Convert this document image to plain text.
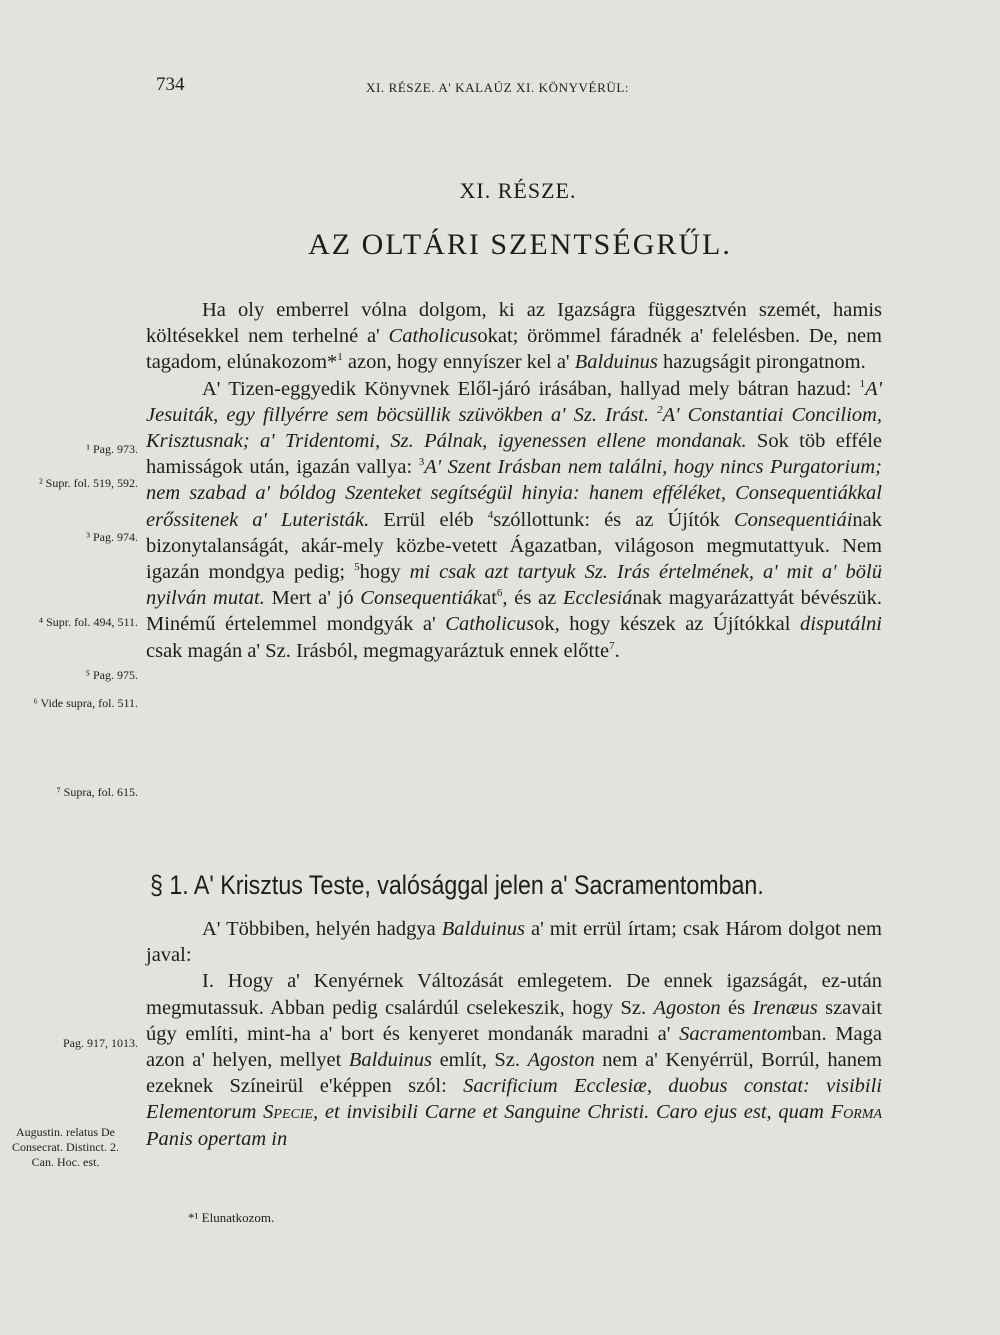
734	XI. RÉSZE. A' KALAÚZ XI. KÖNYVÉRÜL:
XI. RÉSZE.
AZ OLTÁRI SZENTSÉGRŰL.

Ha oly emberrel vólna dolgom, ki az Igazságra függesztvén szemét, hamis költésekkel nem terhelné a' Catholicusokat; örömmel fáradnék a' felelésben. De, nem tagadom, elúnakozom*$^1$ azon, hogy ennyíszer kel a' Balduinus hazugságit pirongatnom.

A' Tizen-eggyedik Könyvnek Elől-járó irásában, hallyad mely bátran hazud: $^1$A' Jesuiták, egy fillyérre sem böcsüllik szüvökben a' Sz. Irást. $^2$A' Constantiai Conciliom, Krisztusnak; a' Tridentomi, Sz. Pálnak, igyenessen ellene mondanak. Sok töb efféle hamisságok után, igazán vallya: $^3$A' Szent Irásban nem találni, hogy nincs Purgatorium; nem szabad a' bóldog Szenteket segítségül hinyia: hanem efféléket, Consequentiákkal erőssitenek a' Luteristák. Errül eléb $^4$szóllottunk: és az Újítók Consequentiáinak bizonytalanságát, akár-mely közbe-vetett Ágazatban, világoson megmutattyuk. Nem igazán mondgya pedig; $^5$hogy mi csak azt tartyuk Sz. Irás értelmének, a' mit a' bölü nyilván mutat. Mert a' jó Consequentiákat$^6$, és az Ecclesiának magyarázattyát bévészük. Minémű értelemmel mondgyák a' Catholicusok, hogy készek az Újítókkal disputálni csak magán a' Sz. Irásból, megmagyaráztuk ennek előtte$^7$.

§ 1. A' Krisztus Teste, valósággal jelen a' Sacramentomban.

A' Többiben, helyén hadgya Balduinus a' mit errül írtam; csak Három dolgot nem javal:

I. Hogy a' Kenyérnek Változását emlegetem. De ennek igazságát, ez-után megmutassuk. Abban pedig csalárdúl cselekeszik, hogy Sz. Agoston és Irenæus szavait úgy említi, mint-ha a' bort és kenyeret mondanák maradni a' Sacramentomban. Maga azon a' helyen, mellyet Balduinus említ, Sz. Agoston nem a' Kenyérrül, Borrúl, hanem ezeknek Színeirül e'képpen szól: Sacrificium Ecclesiæ, duobus constat: visibili Elementorum Specie, et invisibili Carne et Sanguine Christi. Caro ejus est, quam Forma Panis opertam in

¹ Pag. 973.
² Supr. fol. 519, 592.
³ Pag. 974.
⁴ Supr. fol. 494, 511.
⁵ Pag. 975.
⁶ Vide supra, fol. 511.
⁷ Supra, fol. 615.
Pag. 917, 1013.
Augustin. relatus De Consecrat. Distinct. 2. Can. Hoc. est.
*¹ Elunatkozom.
